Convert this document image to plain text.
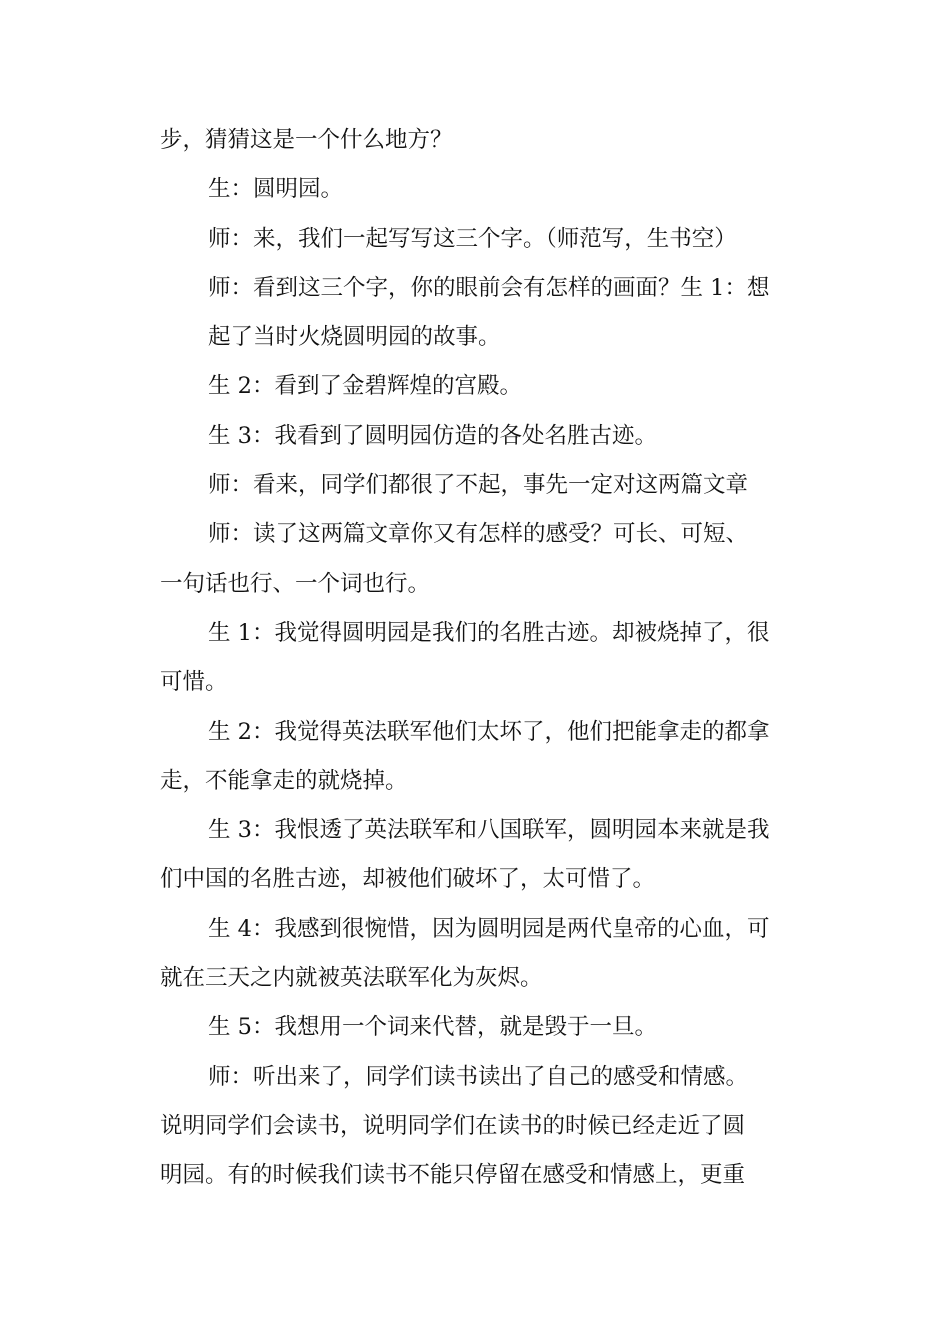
步，猜猜这是一个什么地方？
生：圆明园。
师：来，我们一起写写这三个字。（师范写，生书空）
师：看到这三个字，你的眼前会有怎样的画面？生 1：想
起了当时火烧圆明园的故事。
生 2：看到了金碧辉煌的宫殿。
生 3：我看到了圆明园仿造的各处名胜古迹。
师：看来，同学们都很了不起，事先一定对这两篇文章
师：读了这两篇文章你又有怎样的感受？可长、可短、
一句话也行、一个词也行。
生 1：我觉得圆明园是我们的名胜古迹。却被烧掉了，很
可惜。
生 2：我觉得英法联军他们太坏了，他们把能拿走的都拿
走，不能拿走的就烧掉。
生 3：我恨透了英法联军和八国联军，圆明园本来就是我
们中国的名胜古迹，却被他们破坏了，太可惜了。
生 4：我感到很惋惜，因为圆明园是两代皇帝的心血，可
就在三天之内就被英法联军化为灰烬。
生 5：我想用一个词来代替，就是毁于一旦。
师：听出来了，同学们读书读出了自己的感受和情感。
说明同学们会读书，说明同学们在读书的时候已经走近了圆
明园。有的时候我们读书不能只停留在感受和情感上，更重
